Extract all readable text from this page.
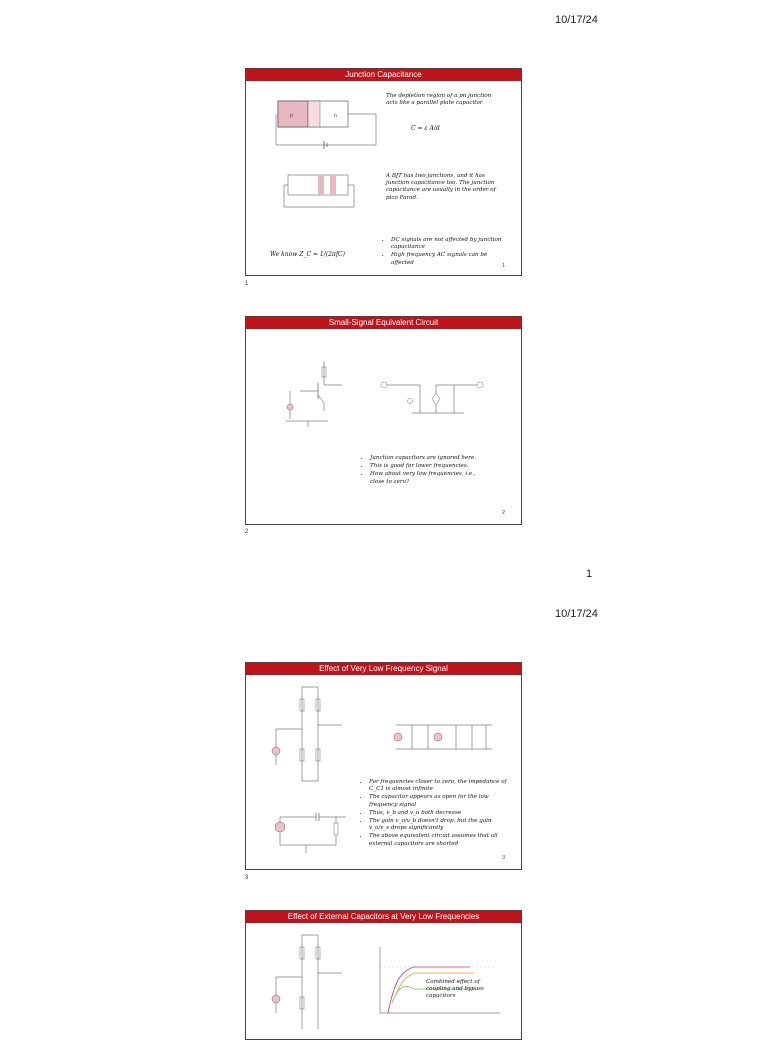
10/17/24
Junction Capacitance
p	n
The depletion region of a pn junction acts like a parallel plate capacitor
C = ε A/d
A BJT has two junctions, and it has junction capacitance too. The junction capacitance are usually in the order of pico Farad.
We know Z_C = 1/(2πfC)
• DC signals are not affected by junction capacitance
• High frequency AC signals can be affected
1
1
Small-Signal Equivalent Circuit
• Junction capacitors are ignored here.
• This is good for lower frequencies.
• How about very low frequencies, i.e., close to zero?
2
2
1
10/17/24
Effect of Very Low Frequency Signal
• For frequencies closer to zero, the impedance of C_C1 is almost infinite
• The capacitor appears as open for the low frequency signal
• Thus, v_b and v_o both decrease
• The gain v_o/v_b doesn't drop, but the gain v_o/v_s drops significantly
• The above equivalent circuit assumes that all external capacitors are shorted
3
3
Effect of External Capacitors at Very Low Frequencies
Combined effect of coupling and bypass capacitors
